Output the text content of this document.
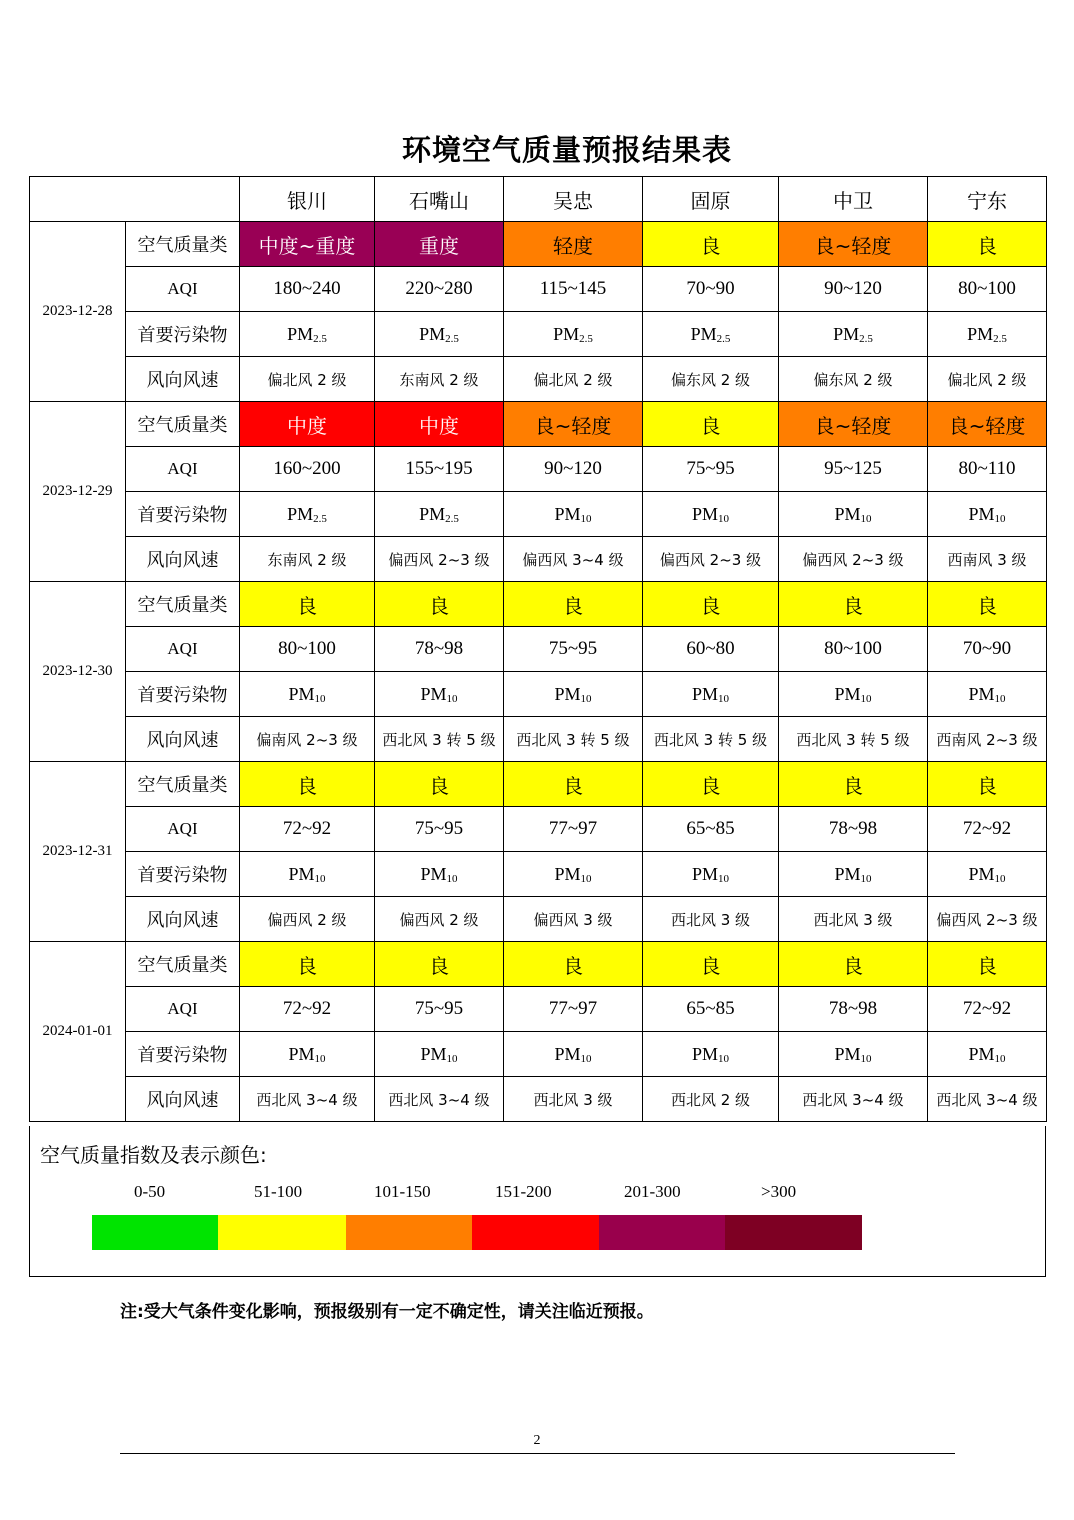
环境空气质量预报结果表
		银川	石嘴山	吴忠	固原	中卫	宁东
2023-12-28	空气质量类	中度~重度	重度	轻度	良	良~轻度	良
	AQI	180~240	220~280	115~145	70~90	90~120	80~100
	首要污染物	$PM_{2.5}$	$PM_{2.5}$	$PM_{2.5}$	$PM_{2.5}$	$PM_{2.5}$	$PM_{2.5}$
	风向风速	偏北风 2 级	东南风 2 级	偏北风 2 级	偏东风 2 级	偏东风 2 级	偏北风 2 级
2023-12-29	空气质量类	中度	中度	良~轻度	良	良~轻度	良~轻度
	AQI	160~200	155~195	90~120	75~95	95~125	80~110
	首要污染物	$PM_{2.5}$	$PM_{2.5}$	$PM_{10}$	$PM_{10}$	$PM_{10}$	$PM_{10}$
	风向风速	东南风 2 级	偏西风 2~3 级	偏西风 3~4 级	偏西风 2~3 级	偏西风 2~3 级	西南风 3 级
2023-12-30	空气质量类	良	良	良	良	良	良
	AQI	80~100	78~98	75~95	60~80	80~100	70~90
	首要污染物	$PM_{10}$	$PM_{10}$	$PM_{10}$	$PM_{10}$	$PM_{10}$	$PM_{10}$
	风向风速	偏南风 2~3 级	西北风 3 转 5 级	西北风 3 转 5 级	西北风 3 转 5 级	西北风 3 转 5 级	西南风 2~3 级
2023-12-31	空气质量类	良	良	良	良	良	良
	AQI	72~92	75~95	77~97	65~85	78~98	72~92
	首要污染物	$PM_{10}$	$PM_{10}$	$PM_{10}$	$PM_{10}$	$PM_{10}$	$PM_{10}$
	风向风速	偏西风 2 级	偏西风 2 级	偏西风 3 级	西北风 3 级	西北风 3 级	偏西风 2~3 级
2024-01-01	空气质量类	良	良	良	良	良	良
	AQI	72~92	75~95	77~97	65~85	78~98	72~92
	首要污染物	$PM_{10}$	$PM_{10}$	$PM_{10}$	$PM_{10}$	$PM_{10}$	$PM_{10}$
	风向风速	西北风 3~4 级	西北风 3~4 级	西北风 3 级	西北风 2 级	西北风 3~4 级	西北风 3~4 级
空气质量指数及表示颜色:
0-50	51-100	101-150	151-200	201-300	>300
注:受大气条件变化影响，预报级别有一定不确定性，请关注临近预报。
2
